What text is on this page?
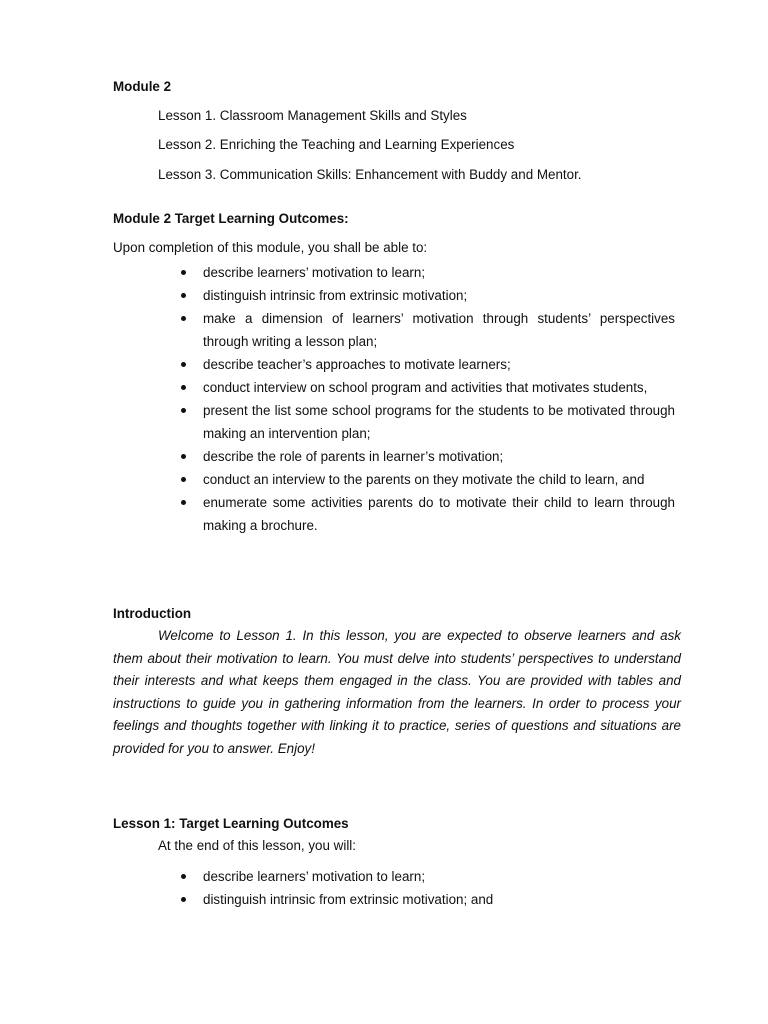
Module 2
Lesson 1. Classroom Management Skills and Styles
Lesson 2. Enriching the Teaching and Learning Experiences
Lesson 3. Communication Skills: Enhancement with Buddy and Mentor.
Module 2 Target Learning Outcomes:
Upon completion of this module, you shall be able to:
describe learners’ motivation to learn;
distinguish intrinsic from extrinsic motivation;
make a dimension of learners’ motivation through students’ perspectives through writing a lesson plan;
describe teacher’s approaches to motivate learners;
conduct interview on school program and activities that motivates students,
present the list some school programs for the students to be motivated through making an intervention plan;
describe the role of parents in learner’s motivation;
conduct an interview to the parents on they motivate the child to learn, and
enumerate some activities parents do to motivate their child to learn through making a brochure.
Introduction

Welcome to Lesson 1. In this lesson, you are expected to observe learners and ask them about their motivation to learn. You must delve into students’ perspectives to understand their interests and what keeps them engaged in the class. You are provided with tables and instructions to guide you in gathering information from the learners. In order to process your feelings and thoughts together with linking it to practice, series of questions and situations are provided for you to answer. Enjoy!

Lesson 1: Target Learning Outcomes
At the end of this lesson, you will:
describe learners’ motivation to learn;
distinguish intrinsic from extrinsic motivation; and
